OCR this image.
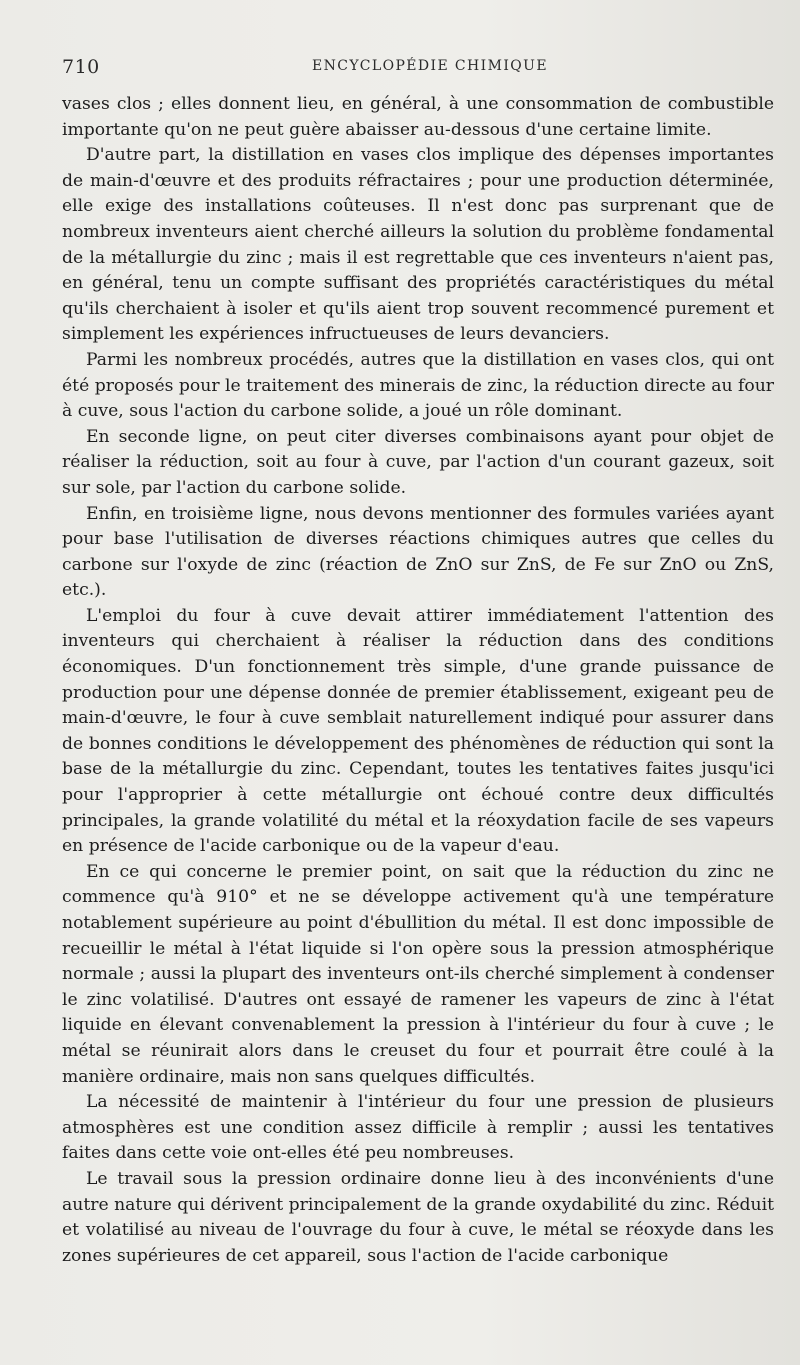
710	ENCYCLOPÉDIE CHIMIQUE

vases clos ; elles donnent lieu, en général, à une consommation de combustible importante qu'on ne peut guère abaisser au-dessous d'une certaine limite.

D'autre part, la distillation en vases clos implique des dépenses importantes de main-d'œuvre et des produits réfractaires ; pour une production déterminée, elle exige des installations coûteuses. Il n'est donc pas surprenant que de nombreux inventeurs aient cherché ailleurs la solution du problème fondamental de la métallurgie du zinc ; mais il est regrettable que ces inventeurs n'aient pas, en général, tenu un compte suffisant des propriétés caractéristiques du métal qu'ils cherchaient à isoler et qu'ils aient trop souvent recommencé purement et simplement les expériences infructueuses de leurs devanciers.

Parmi les nombreux procédés, autres que la distillation en vases clos, qui ont été proposés pour le traitement des minerais de zinc, la réduction directe au four à cuve, sous l'action du carbone solide, a joué un rôle dominant.

En seconde ligne, on peut citer diverses combinaisons ayant pour objet de réaliser la réduction, soit au four à cuve, par l'action d'un courant gazeux, soit sur sole, par l'action du carbone solide.

Enfin, en troisième ligne, nous devons mentionner des formules variées ayant pour base l'utilisation de diverses réactions chimiques autres que celles du carbone sur l'oxyde de zinc (réaction de ZnO sur ZnS, de Fe sur ZnO ou ZnS, etc.).

L'emploi du four à cuve devait attirer immédiatement l'attention des inventeurs qui cherchaient à réaliser la réduction dans des conditions économiques. D'un fonctionnement très simple, d'une grande puissance de production pour une dépense donnée de premier établissement, exigeant peu de main-d'œuvre, le four à cuve semblait naturellement indiqué pour assurer dans de bonnes conditions le développement des phénomènes de réduction qui sont la base de la métallurgie du zinc. Cependant, toutes les tentatives faites jusqu'ici pour l'approprier à cette métallurgie ont échoué contre deux difficultés principales, la grande volatilité du métal et la réoxydation facile de ses vapeurs en présence de l'acide carbonique ou de la vapeur d'eau.

En ce qui concerne le premier point, on sait que la réduction du zinc ne commence qu'à 910° et ne se développe activement qu'à une température notablement supérieure au point d'ébullition du métal. Il est donc impossible de recueillir le métal à l'état liquide si l'on opère sous la pression atmosphérique normale ; aussi la plupart des inventeurs ont-ils cherché simplement à condenser le zinc volatilisé. D'autres ont essayé de ramener les vapeurs de zinc à l'état liquide en élevant convenablement la pression à l'intérieur du four à cuve ; le métal se réunirait alors dans le creuset du four et pourrait être coulé à la manière ordinaire, mais non sans quelques difficultés.

La nécessité de maintenir à l'intérieur du four une pression de plusieurs atmosphères est une condition assez difficile à remplir ; aussi les tentatives faites dans cette voie ont-elles été peu nombreuses.

Le travail sous la pression ordinaire donne lieu à des inconvénients d'une autre nature qui dérivent principalement de la grande oxydabilité du zinc. Réduit et volatilisé au niveau de l'ouvrage du four à cuve, le métal se réoxyde dans les zones supérieures de cet appareil, sous l'action de l'acide carbonique
